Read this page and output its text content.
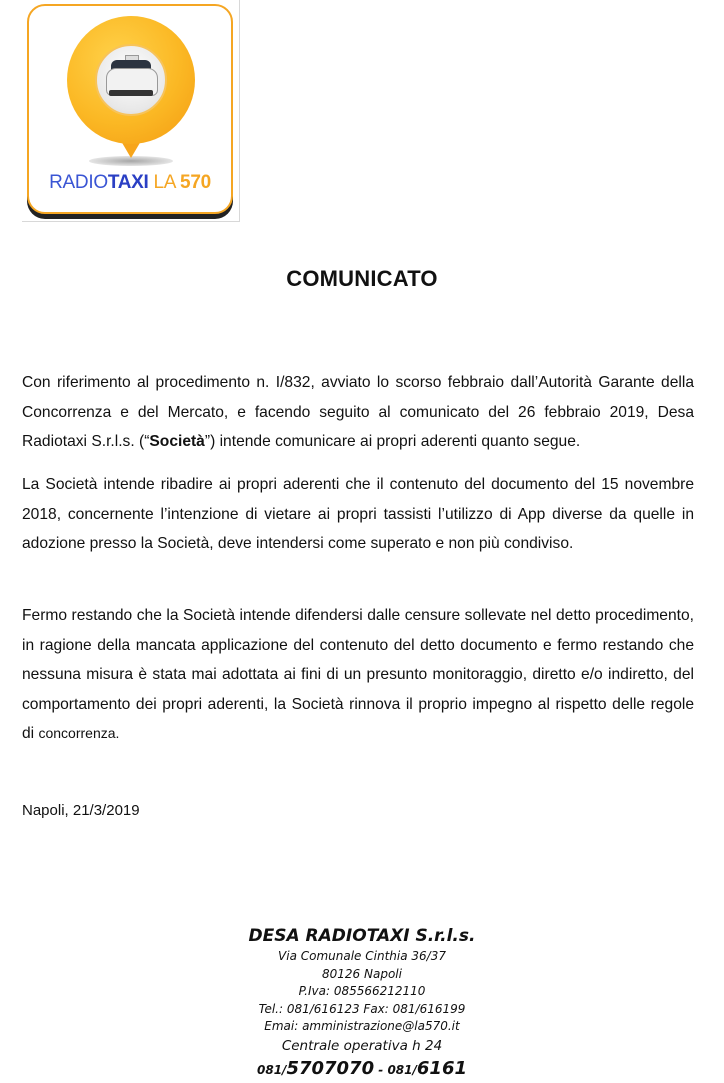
RADIOTAXI LA 570
COMUNICATO

Con riferimento al procedimento n. I/832, avviato lo scorso febbraio dall’Autorità Garante della Concorrenza e del Mercato, e facendo seguito al comunicato del 26 febbraio 2019, Desa Radiotaxi S.r.l.s. (“Società”) intende comunicare ai propri aderenti quanto segue.

La Società intende ribadire ai propri aderenti che il contenuto del documento del 15 novembre 2018, concernente l’intenzione di vietare ai propri tassisti l’utilizzo di App diverse da quelle in adozione presso la Società, deve intendersi come superato e non più condiviso.

Fermo restando che la Società intende difendersi dalle censure sollevate nel detto procedimento, in ragione della mancata applicazione del contenuto del detto documento e fermo restando che nessuna misura è stata mai adottata ai fini di un presunto monitoraggio, diretto e/o indiretto, del comportamento dei propri aderenti, la Società rinnova il proprio impegno al rispetto delle regole di concorrenza.

Napoli, 21/3/2019
DESA RADIOTAXI S.r.l.s.
Via Comunale Cinthia 36/37
80126 Napoli
P.Iva: 085566212110
Tel.: 081/616123 Fax: 081/616199
Emai: amministrazione@la570.it
Centrale operativa h 24
081/5707070 - 081/6161
